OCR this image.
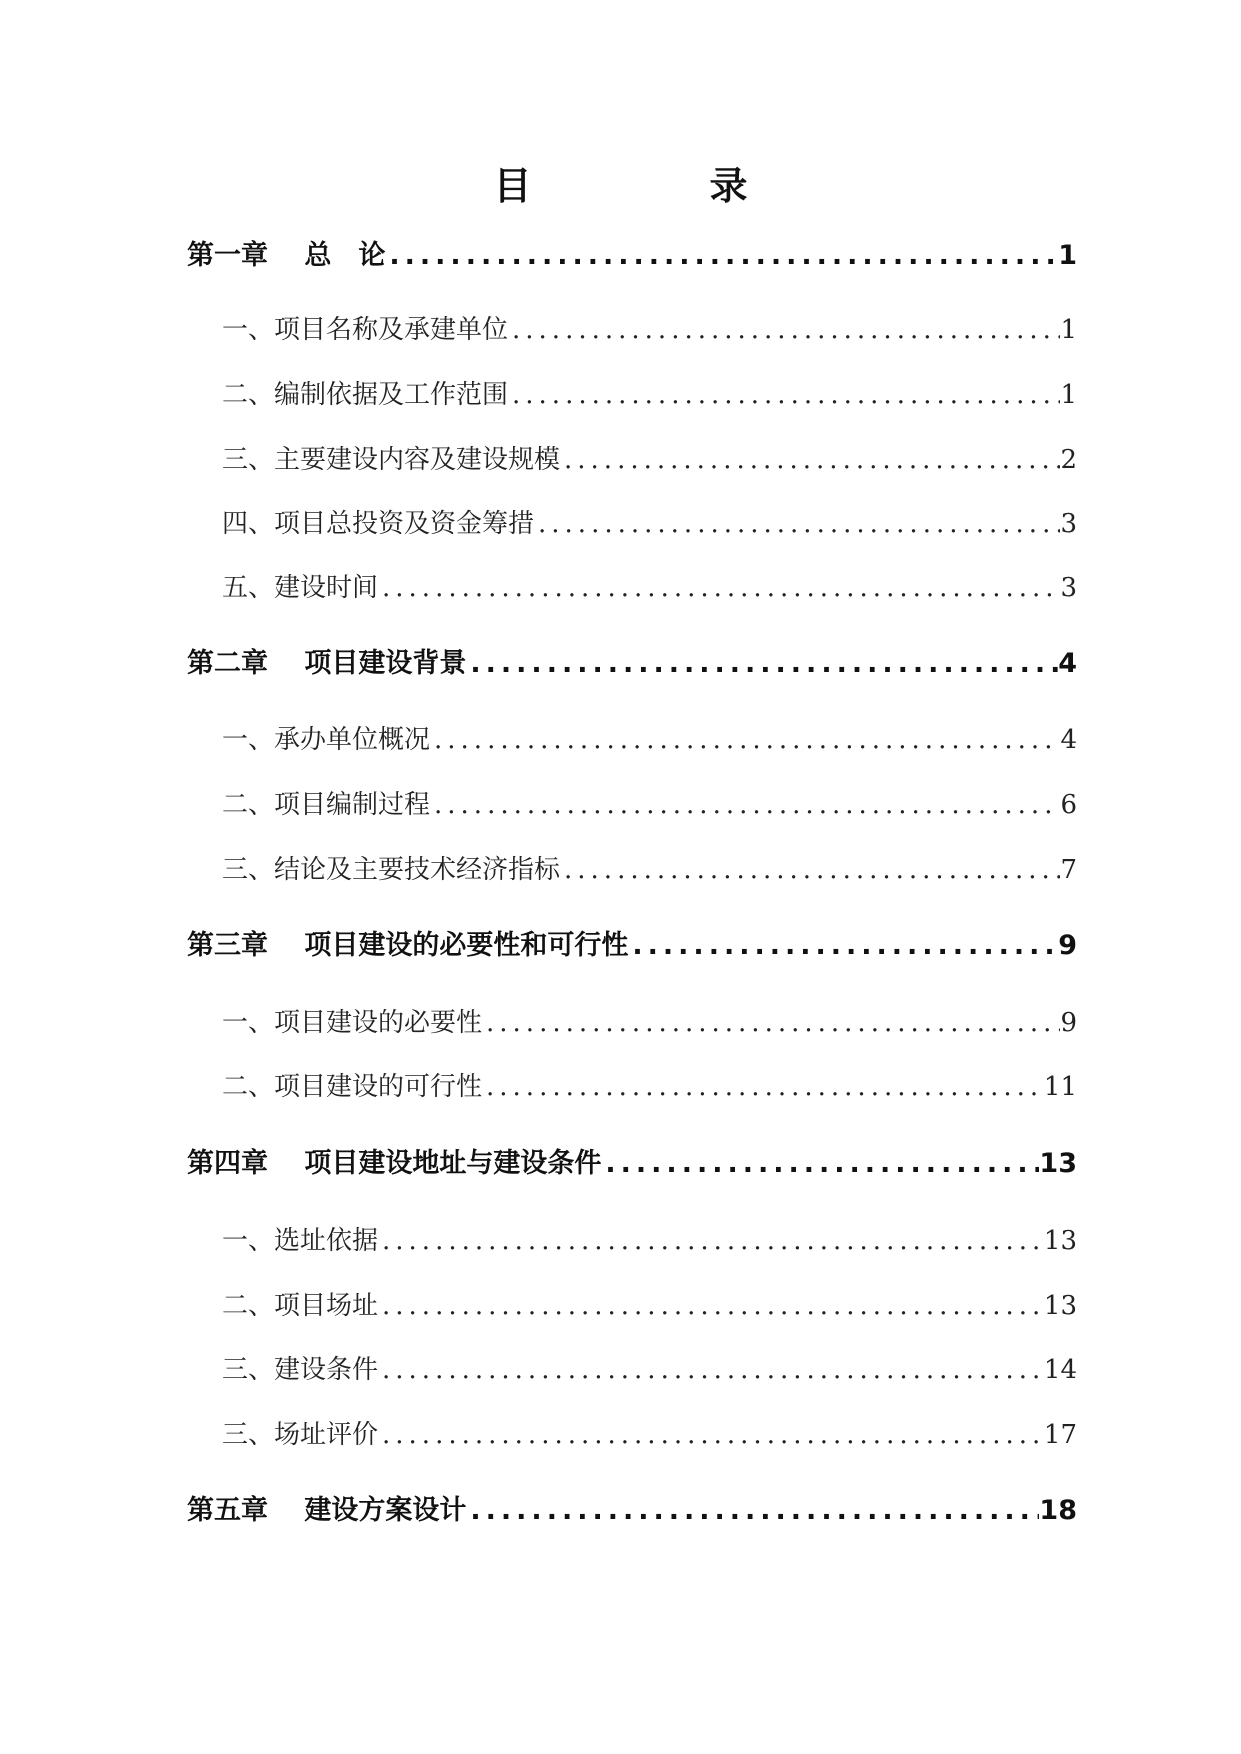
目　录
第一章　 总　论 .....	1
一、项目名称及承建单位 .....	1
二、编制依据及工作范围 .....	1
三、主要建设内容及建设规模 .....	2
四、项目总投资及资金筹措 .....	3
五、建设时间 .....	3
第二章　 项目建设背景 .....	4
一、承办单位概况 .....	4
二、项目编制过程 .....	6
三、结论及主要技术经济指标 .....	7
第三章　 项目建设的必要性和可行性 .....	9
一、项目建设的必要性 .....	9
二、项目建设的可行性 .....	11
第四章　 项目建设地址与建设条件 .....	13
一、选址依据 .....	13
二、项目场址 .....	13
三、建设条件 .....	14
三、场址评价 .....	17
第五章　 建设方案设计 .....	18
